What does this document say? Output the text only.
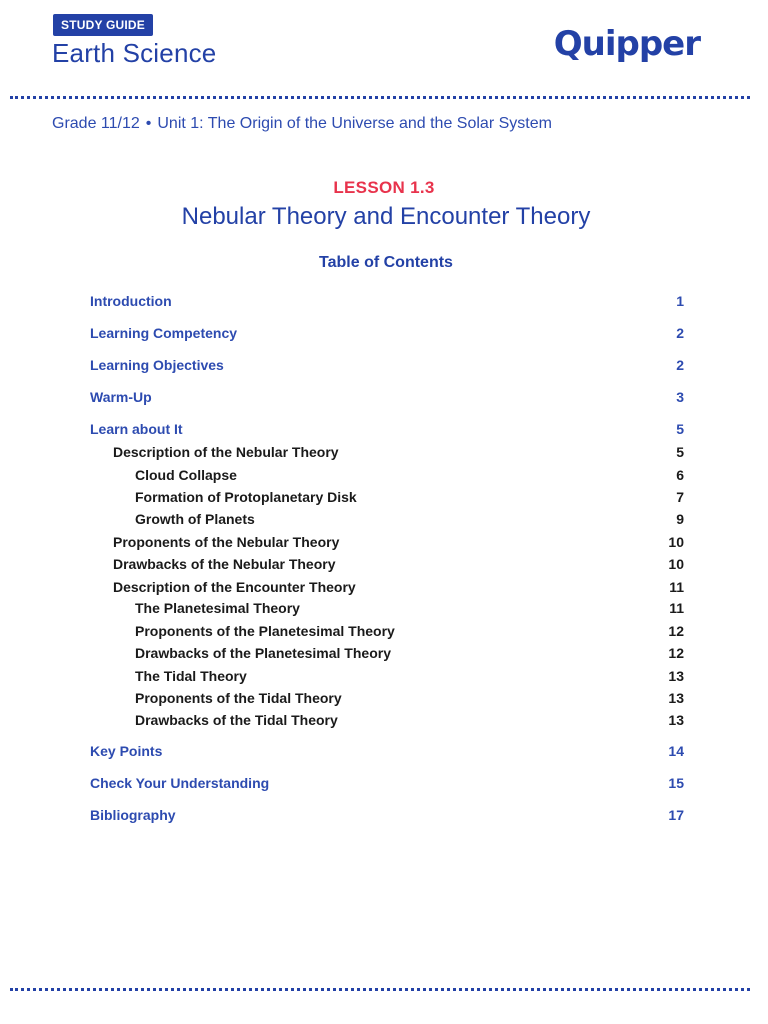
STUDY GUIDE
Earth Science	Quipper
Grade 11/12 • Unit 1: The Origin of the Universe and the Solar System
LESSON 1.3
Nebular Theory and Encounter Theory
Table of Contents
Introduction	1
Learning Competency	2
Learning Objectives	2
Warm-Up	3
Learn about It	5
Description of the Nebular Theory	5
Cloud Collapse	6
Formation of Protoplanetary Disk	7
Growth of Planets	9
Proponents of the Nebular Theory	10
Drawbacks of the Nebular Theory	10
Description of the Encounter Theory	11
The Planetesimal Theory	11
Proponents of the Planetesimal Theory	12
Drawbacks of the Planetesimal Theory	12
The Tidal Theory	13
Proponents of the Tidal Theory	13
Drawbacks of the Tidal Theory	13
Key Points	14
Check Your Understanding	15
Bibliography	17
